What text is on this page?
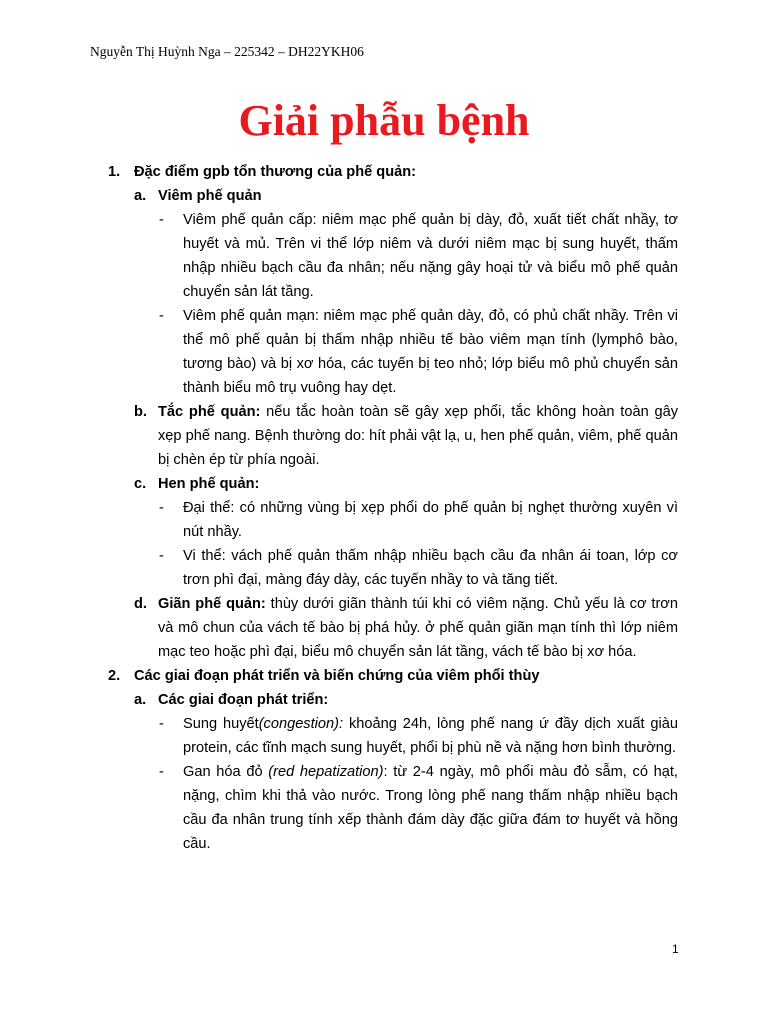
Nguyễn Thị Huỳnh Nga – 225342 – DH22YKH06
Giải phẫu bệnh
1. Đặc điểm gpb tổn thương của phế quản:
a. Viêm phế quản
-	Viêm phế quản cấp: niêm mạc phế quản bị dày, đỏ, xuất tiết chất nhầy, tơ huyết và mủ. Trên vi thể lớp niêm và dưới niêm mạc bị sung huyết, thấm nhập nhiều bạch cầu đa nhân; nếu nặng gây hoại tử và biểu mô phế quản chuyển sản lát tầng.
-	Viêm phế quản mạn: niêm mạc phế quản dày, đỏ, có phủ chất nhầy. Trên vi thể mô phế quản bị thấm nhập nhiều tế bào viêm mạn tính (lymphô bào, tương bào) và bị xơ hóa, các tuyến bị teo nhỏ; lớp biểu mô phủ chuyển sản thành biểu mô trụ vuông hay dẹt.
b. Tắc phế quản: nếu tắc hoàn toàn sẽ gây xẹp phổi, tắc không hoàn toàn gây xẹp phế nang. Bệnh thường do: hít phải vật lạ, u, hen phế quản, viêm, phế quản bị chèn ép từ phía ngoài.
c. Hen phế quản:
-	Đại thể: có những vùng bị xẹp phổi do phế quản bị nghẹt thường xuyên vì nút nhầy.
-	Vi thể: vách phế quản thấm nhập nhiều bạch cầu đa nhân ái toan, lớp cơ trơn phì đại, màng đáy dày, các tuyến nhầy to và tăng tiết.
d. Giãn phế quản: thùy dưới giãn thành túi khi có viêm nặng. Chủ yếu là cơ trơn và mô chun của vách tế bào bị phá hủy. ở phế quản giãn mạn tính thì lớp niêm mạc teo hoặc phì đại, biểu mô chuyển sản lát tầng, vách tế bào bị xơ hóa.
2. Các giai đoạn phát triển và biến chứng của viêm phổi thùy
a. Các giai đoạn phát triển:
-	Sung huyết(congestion): khoảng 24h, lòng phế nang ứ đầy dịch xuất giàu protein, các tĩnh mạch sung huyết, phổi bị phù nề và nặng hơn bình thường.
-	Gan hóa đỏ (red hepatization): từ 2-4 ngày, mô phổi màu đỏ sẫm, có hạt, nặng, chìm khi thả vào nước. Trong lòng phế nang thấm nhập nhiều bạch cầu đa nhân trung tính xếp thành đám dày đặc giữa đám tơ huyết và hồng cầu.
1
